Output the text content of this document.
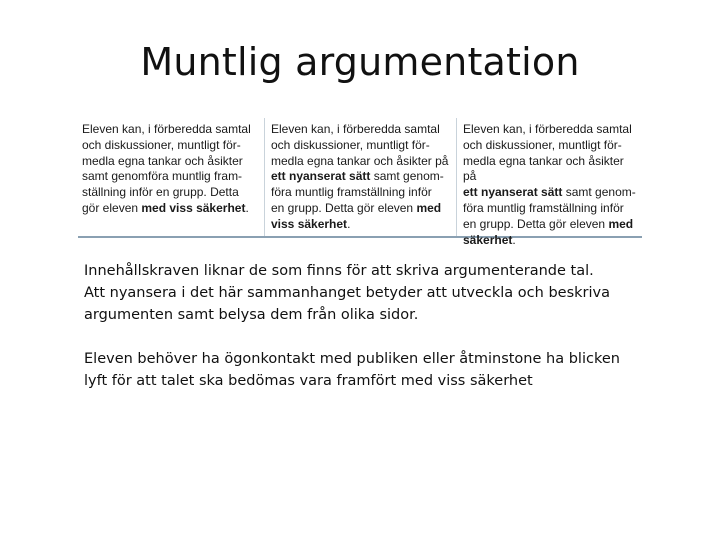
Muntlig argumentation

Eleven kan, i förberedda samtal
och diskussioner, muntligt för-
medla egna tankar och åsikter
samt genomföra muntlig fram-
ställning inför en grupp. Detta
gör eleven med viss säkerhet.

Eleven kan, i förberedda samtal
och diskussioner, muntligt för-
medla egna tankar och åsikter på
ett nyanserat sätt samt genom-
föra muntlig framställning inför
en grupp. Detta gör eleven med
viss säkerhet.

Eleven kan, i förberedda samtal
och diskussioner, muntligt för-
medla egna tankar och åsikter på
ett nyanserat sätt samt genom-
föra muntlig framställning inför
en grupp. Detta gör eleven med
säkerhet.

Innehållskraven liknar de som finns för att skriva argumenterande tal.
Att nyansera i det här sammanhanget betyder att utveckla och beskriva
argumenten samt belysa dem från olika sidor.

Eleven behöver ha ögonkontakt med publiken eller åtminstone ha blicken
lyft för att talet ska bedömas vara framfört med viss säkerhet
